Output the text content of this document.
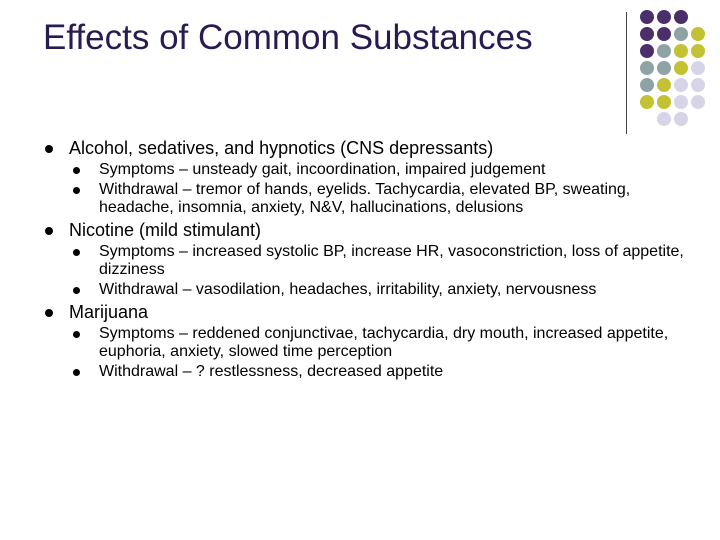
Effects of Common Substances
Alcohol, sedatives, and hypnotics (CNS depressants)
Symptoms – unsteady gait, incoordination, impaired judgement
Withdrawal – tremor of hands, eyelids. Tachycardia, elevated BP, sweating, headache, insomnia, anxiety, N&V, hallucinations, delusions
Nicotine (mild stimulant)
Symptoms – increased systolic BP, increase HR, vasoconstriction, loss of appetite, dizziness
Withdrawal – vasodilation, headaches, irritability, anxiety, nervousness
Marijuana
Symptoms – reddened conjunctivae, tachycardia, dry mouth, increased appetite, euphoria, anxiety, slowed time perception
Withdrawal – ? restlessness, decreased appetite
